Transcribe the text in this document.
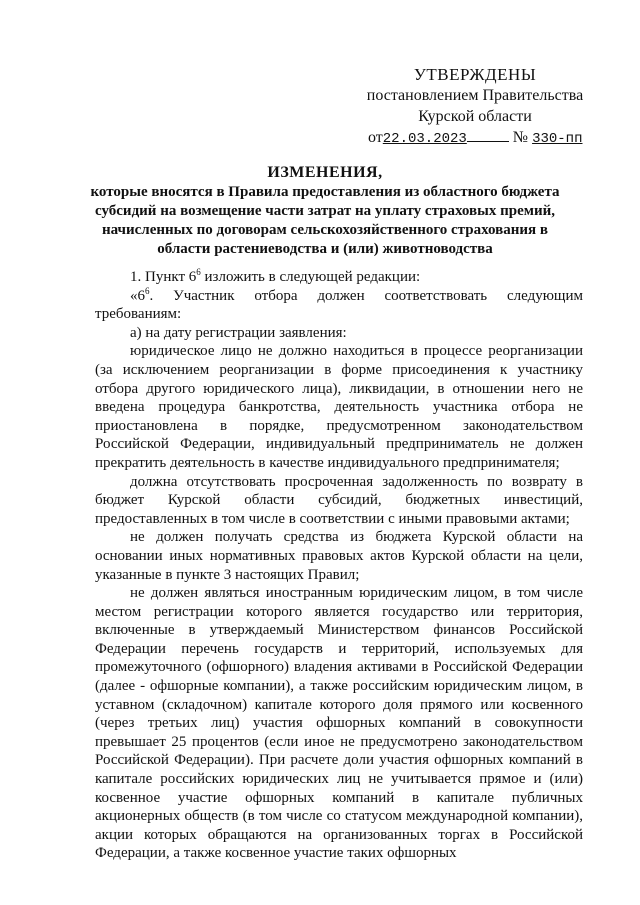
УТВЕРЖДЕНЫ
постановлением Правительства
Курской области
от22.03.2023	№ 330-пп
ИЗМЕНЕНИЯ,
которые вносятся в Правила предоставления из областного бюджета субсидий на возмещение части затрат на уплату страховых премий, начисленных по договорам сельскохозяйственного страхования в области растениеводства и (или) животноводства

1. Пункт $6^6$ изложить в следующей редакции:

«$6^6$. Участник отбора должен соответствовать следующим требованиям:

а) на дату регистрации заявления:

юридическое лицо не должно находиться в процессе реорганизации (за исключением реорганизации в форме присоединения к участнику отбора другого юридического лица), ликвидации, в отношении него не введена процедура банкротства, деятельность участника отбора не приостановлена в порядке, предусмотренном законодательством Российской Федерации, индивидуальный предприниматель не должен прекратить деятельность в качестве индивидуального предпринимателя;

должна отсутствовать просроченная задолженность по возврату в бюджет Курской области субсидий, бюджетных инвестиций, предоставленных в том числе в соответствии с иными правовыми актами;

не должен получать средства из бюджета Курской области на основании иных нормативных правовых актов Курской области на цели, указанные в пункте 3 настоящих Правил;

не должен являться иностранным юридическим лицом, в том числе местом регистрации которого является государство или территория, включенные в утверждаемый Министерством финансов Российской Федерации перечень государств и территорий, используемых для промежуточного (офшорного) владения активами в Российской Федерации (далее - офшорные компании), а также российским юридическим лицом, в уставном (складочном) капитале которого доля прямого или косвенного (через третьих лиц) участия офшорных компаний в совокупности превышает 25 процентов (если иное не предусмотрено законодательством Российской Федерации). При расчете доли участия офшорных компаний в капитале российских юридических лиц не учитывается прямое и (или) косвенное участие офшорных компаний в капитале публичных акционерных обществ (в том числе со статусом международной компании), акции которых обращаются на организованных торгах в Российской Федерации, а также косвенное участие таких офшорных
